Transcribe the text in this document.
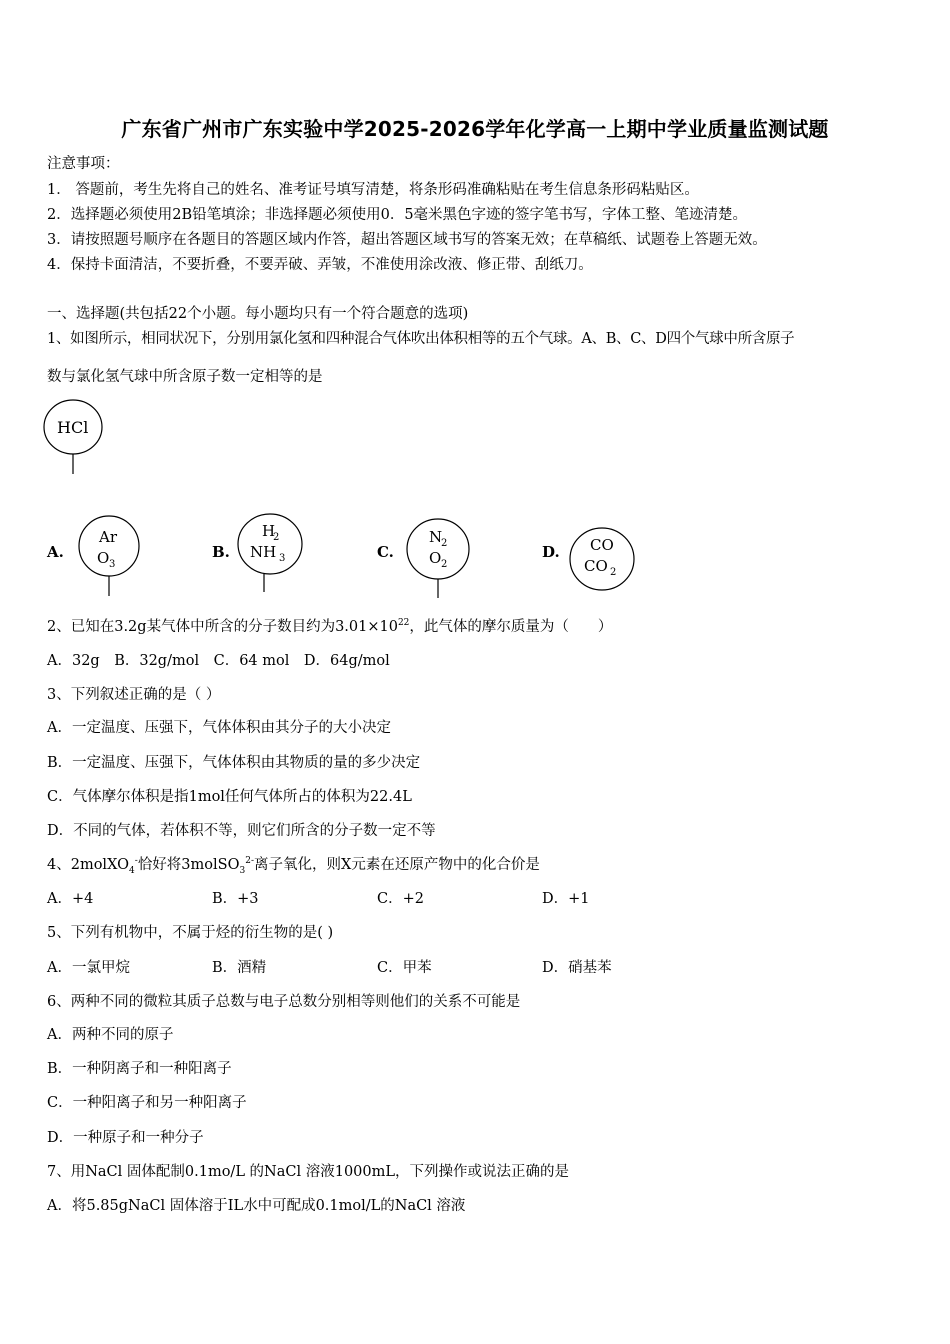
广东省广州市广东实验中学2025-2026学年化学高一上期中学业质量监测试题
注意事项：
1． 答题前，考生先将自己的姓名、准考证号填写清楚，将条形码准确粘贴在考生信息条形码粘贴区。
2．选择题必须使用2B铅笔填涂；非选择题必须使用0．5毫米黑色字迹的签字笔书写，字体工整、笔迹清楚。
3．请按照题号顺序在各题目的答题区域内作答，超出答题区域书写的答案无效；在草稿纸、试题卷上答题无效。
4．保持卡面清洁，不要折叠，不要弄破、弄皱，不准使用涂改液、修正带、刮纸刀。
一、选择题(共包括22个小题。每小题均只有一个符合题意的选项)
1、如图所示，相同状况下，分别用氯化氢和四种混合气体吹出体积相等的五个气球。A、B、C、D四个气球中所含原子
数与氯化氢气球中所含原子数一定相等的是
HCl
A.	B.	C.	D.
Ar
O 3
H
2
NH 3
N
2
O 2
CO
CO 2
2、已知在3.2g某气体中所含的分子数目约为$3.01\times 10^{22}$，此气体的摩尔质量为（　　）
A．32g　B．32g/mol　C．64 mol　D．64g/mol
3、下列叙述正确的是（ ）
A．一定温度、压强下，气体体积由其分子的大小决定
B．一定温度、压强下，气体体积由其物质的量的多少决定
C．气体摩尔体积是指1mol任何气体所占的体积为22.4L
D．不同的气体，若体积不等，则它们所含的分子数一定不等
4、2molXO$_4$-恰好将3molSO$_3^{2-}$离子氧化，则X元素在还原产物中的化合价是
A．+4	B．+3	C．+2	D．+1
5、下列有机物中，不属于烃的衍生物的是( )
A．一氯甲烷	B．酒精	C．甲苯	D．硝基苯
6、两种不同的微粒其质子总数与电子总数分别相等则他们的关系不可能是
A．两种不同的原子
B．一种阴离子和一种阳离子
C．一种阳离子和另一种阳离子
D．一种原子和一种分子
7、用NaCl 固体配制0.1mo/L 的NaCl 溶液1000mL，下列操作或说法正确的是
A．将5.85gNaCl 固体溶于IL水中可配成0.1mol/L的NaCl 溶液
